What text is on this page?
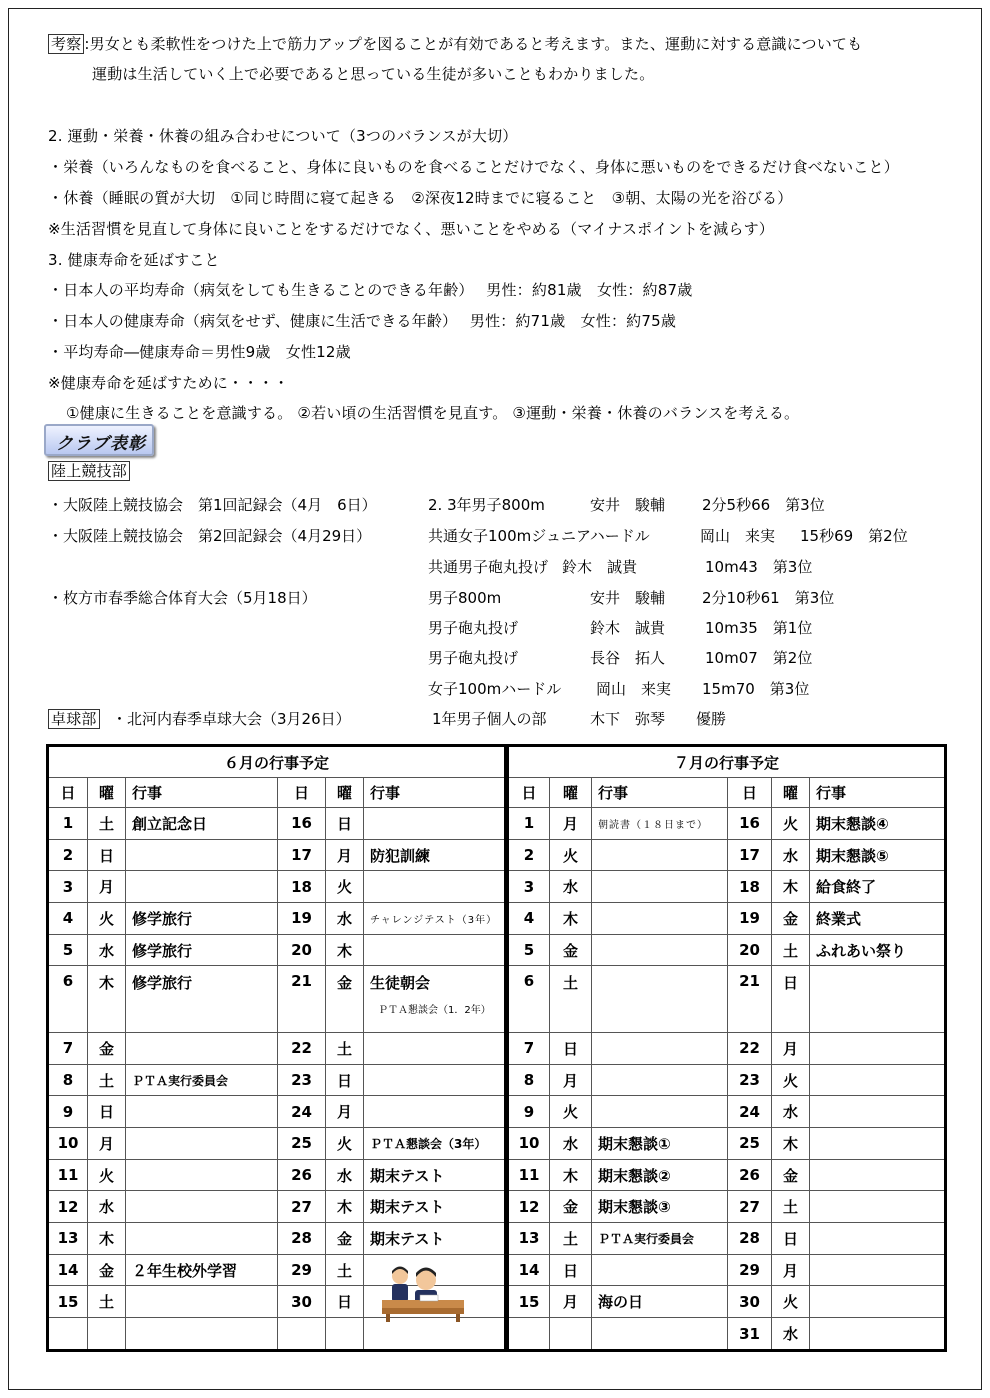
考察 :男女とも柔軟性をつけた上で筋力アップを図ることが有効であると考えます。また、運動に対する意識についても
運動は生活していく上で必要であると思っている生徒が多いこともわかりました。
2. 運動・栄養・休養の組み合わせについて（3つのバランスが大切）
・栄養（いろんなものを食べること、身体に良いものを食べることだけでなく、身体に悪いものをできるだけ食べないこと）
・休養（睡眠の質が大切　①同じ時間に寝て起きる　②深夜12時までに寝ること　③朝、太陽の光を浴びる）
※生活習慣を見直して身体に良いことをするだけでなく、悪いことをやめる（マイナスポイントを減らす）
3. 健康寿命を延ばすこと
・日本人の平均寿命（病気をしても生きることのできる年齢）　 男性：約81歳　女性：約87歳
・日本人の健康寿命（病気をせず、健康に生活できる年齢）　 男性：約71歳　女性：約75歳
・平均寿命―健康寿命＝男性9歳　女性12歳
※健康寿命を延ばすために・・・・
①健康に生きることを意識する。 ②若い頃の生活習慣を見直す。 ③運動・栄養・休養のバランスを考える。
クラブ表彰
陸上競技部
・大阪陸上競技協会　第1回記録会（4月　6日）	2. 3年男子800m	安井　駿輔 2分5秒66　第3位
・大阪陸上競技協会　第2回記録会（4月29日）	共通女子100mジュニアハードル	岡山　来実 15秒69　第2位
共通男子砲丸投げ 鈴木　誠貴	10m43　第3位
・枚方市春季総合体育大会（5月18日）	男子800m	安井　駿輔 2分10秒61　第3位
男子砲丸投げ	鈴木　誠貴	10m35　第1位
男子砲丸投げ	長谷　拓人	10m07　第2位
女子100mハードル 岡山　来実 15m70　第3位
卓球部 ・北河内春季卓球大会（3月26日）	1年男子個人の部	木下　弥琴 優勝
６月の行事予定					
日	曜	行事	日	曜	行事
1	土	創立記念日	16	日	
2	日		17	月	防犯訓練
3	月		18	火	
4	火	修学旅行	19	水	チャレンジテスト（3年）
5	水	修学旅行	20	木	
6	木	修学旅行	21	金	生徒朝会
ＰＴＡ懇談会（1．2年）

7	金		22	土	
8	土	ＰＴＡ実行委員会	23	日	
9	日		24	月	
10	月		25	火	ＰＴＡ懇談会（3年）
11	火		26	水	期末テスト
12	水		27	木	期末テスト
13	木		28	金	期末テスト
14	金	２年生校外学習	29	土	
15	土		30	日	

７月の行事予定					
日	曜	行事	日	曜	行事
1	月	朝読書（１８日まで）	16	火	期末懇談④
2	火		17	水	期末懇談⑤
3	水		18	木	給食終了
4	木		19	金	終業式
5	金		20	土	ふれあい祭り
6	土		21	日	
7	日		22	月	
8	月		23	火	
9	火		24	水	
10	水	期末懇談①	25	木	
11	木	期末懇談②	26	金	
12	金	期末懇談③	27	土	
13	土	ＰＴＡ実行委員会	28	日	
14	日		29	月	
15	月	海の日	30	火	
			31	水	
